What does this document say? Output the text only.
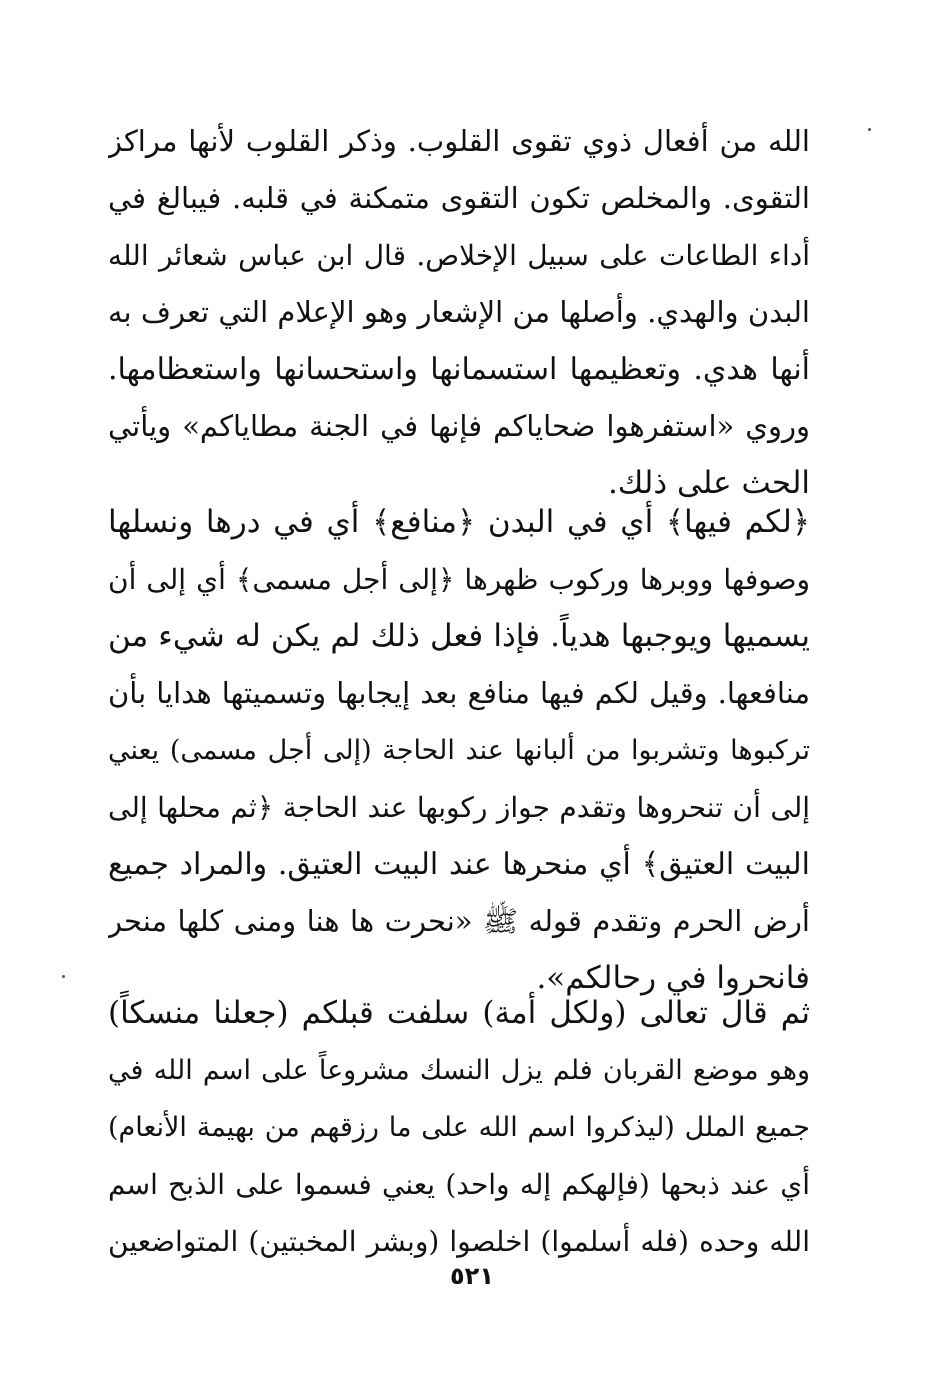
الله من أفعال ذوي تقوى القلوب. وذكر القلوب لأنها مراكز
التقوى. والمخلص تكون التقوى متمكنة في قلبه. فيبالغ في
أداء الطاعات على سبيل الإخلاص. قال ابن عباس شعائر الله
البدن والهدي. وأصلها من الإشعار وهو الإعلام التي تعرف به
أنها هدي. وتعظيمها استسمانها واستحسانها واستعظامها.
وروي «استفرهوا ضحاياكم فإنها في الجنة مطاياكم» ويأتي
الحث على ذلك.
﴿لكم فيها﴾ أي في البدن ﴿منافع﴾ أي في درها ونسلها
وصوفها ووبرها وركوب ظهرها ﴿إلى أجل مسمى﴾ أي إلى أن
يسميها ويوجبها هدياً. فإذا فعل ذلك لم يكن له شيء من
منافعها. وقيل لكم فيها منافع بعد إيجابها وتسميتها هدايا بأن
تركبوها وتشربوا من ألبانها عند الحاجة (إلى أجل مسمى) يعني
إلى أن تنحروها وتقدم جواز ركوبها عند الحاجة ﴿ثم محلها إلى
البيت العتيق﴾ أي منحرها عند البيت العتيق. والمراد جميع
أرض الحرم وتقدم قوله ﷺ «نحرت ها هنا ومنى كلها منحر
فانحروا في رحالكم».
ثم قال تعالى (ولكل أمة) سلفت قبلكم (جعلنا منسكاً)
وهو موضع القربان فلم يزل النسك مشروعاً على اسم الله في
جميع الملل (ليذكروا اسم الله على ما رزقهم من بهيمة الأنعام)
أي عند ذبحها (فإلهكم إله واحد) يعني فسموا على الذبح اسم
الله وحده (فله أسلموا) اخلصوا (وبشر المخبتين) المتواضعين
٥٢١
